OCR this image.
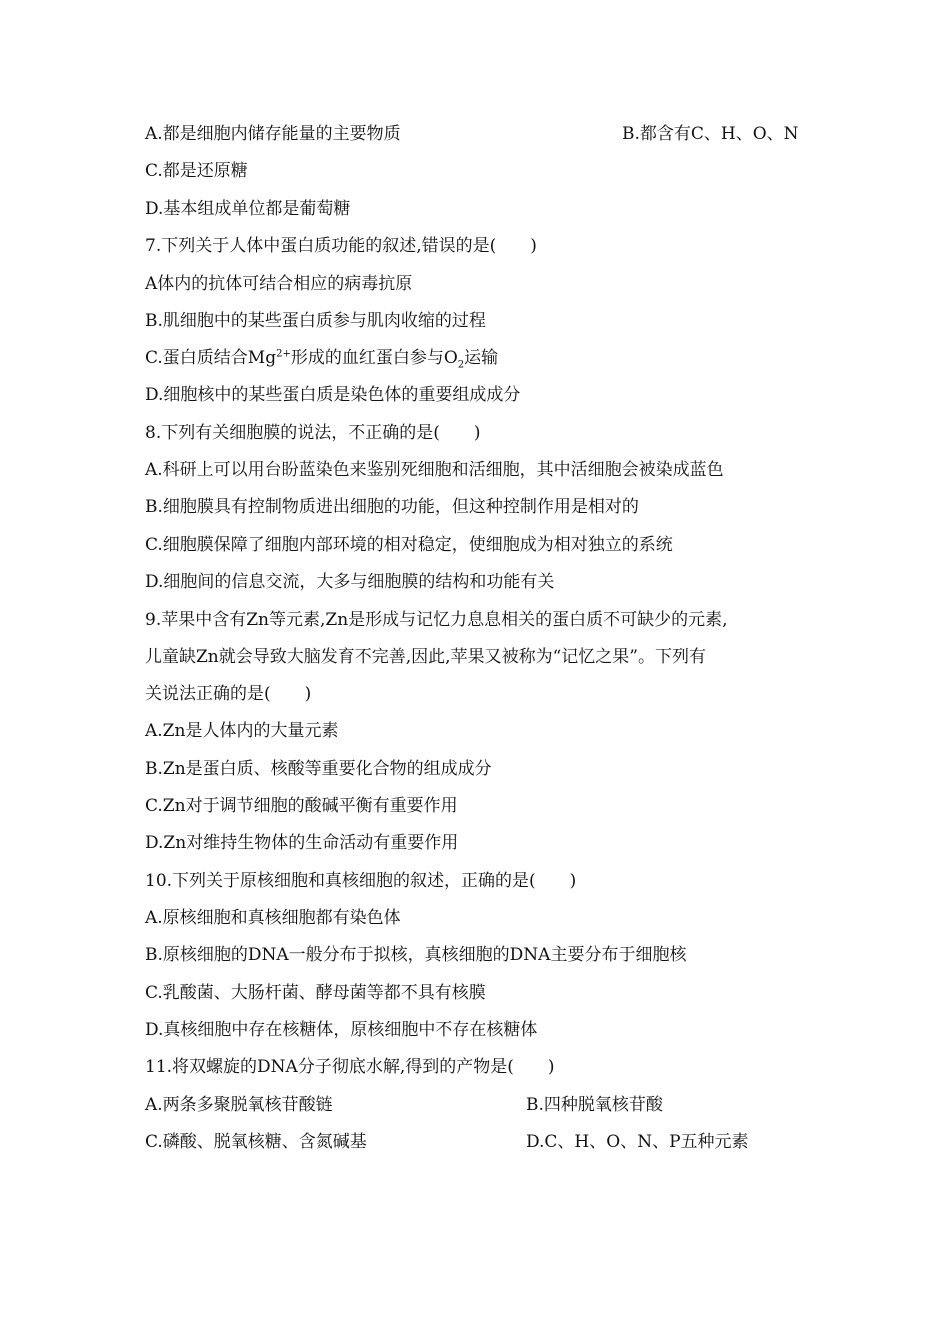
A.都是细胞内储存能量的主要物质	B.都含有C、H、O、N
C.都是还原糖
D.基本组成单位都是葡萄糖
7.下列关于人体中蛋白质功能的叙述,错误的是(　　)
A体内的抗体可结合相应的病毒抗原
B.肌细胞中的某些蛋白质参与肌肉收缩的过程
C.蛋白质结合$Mg^{2+}$形成的血红蛋白参与$O_2$运输
D.细胞核中的某些蛋白质是染色体的重要组成成分
8.下列有关细胞膜的说法，不正确的是(　　)
A.科研上可以用台盼蓝染色来鉴别死细胞和活细胞，其中活细胞会被染成蓝色
B.细胞膜具有控制物质进出细胞的功能，但这种控制作用是相对的
C.细胞膜保障了细胞内部环境的相对稳定，使细胞成为相对独立的系统
D.细胞间的信息交流，大多与细胞膜的结构和功能有关
9.苹果中含有Zn等元素,Zn是形成与记忆力息息相关的蛋白质不可缺少的元素,
儿童缺Zn就会导致大脑发育不完善,因此,苹果又被称为“记忆之果”。下列有
关说法正确的是(　　)
A.Zn是人体内的大量元素
B.Zn是蛋白质、核酸等重要化合物的组成成分
C.Zn对于调节细胞的酸碱平衡有重要作用
D.Zn对维持生物体的生命活动有重要作用
10.下列关于原核细胞和真核细胞的叙述，正确的是(　　)
A.原核细胞和真核细胞都有染色体
B.原核细胞的DNA一般分布于拟核，真核细胞的DNA主要分布于细胞核
C.乳酸菌、大肠杆菌、酵母菌等都不具有核膜
D.真核细胞中存在核糖体，原核细胞中不存在核糖体
11.将双螺旋的DNA分子彻底水解,得到的产物是(　　)
A.两条多聚脱氧核苷酸链	B.四种脱氧核苷酸
C.磷酸、脱氧核糖、含氮碱基	D.C、H、O、N、P五种元素
